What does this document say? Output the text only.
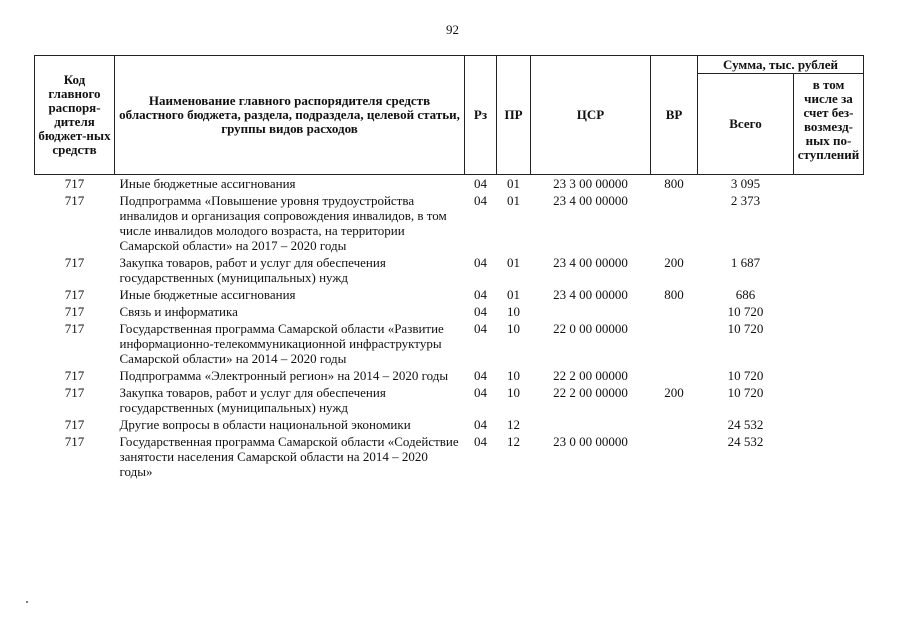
92
Код главного распоря-дителя бюджет-ных средств	Наименование главного распорядителя средств областного бюджета, раздела, подраздела, целевой статьи, группы видов расходов	Рз	ПР	ЦСР	ВР	Сумма, тыс. рублей	
						Всего	в том числе за счет без-возмезд-ных по-ступлений
717	Иные бюджетные ассигнования	04	01	23 3 00 00000	800	3 095	
717	Подпрограмма «Повышение уровня трудоустройства инвалидов и организация сопровождения инвалидов, в том числе инвалидов молодого возраста, на территории Самарской области» на 2017 – 2020 годы	04	01	23 4 00 00000		2 373	
717	Закупка товаров, работ и услуг для обеспечения государственных (муниципальных) нужд	04	01	23 4 00 00000	200	1 687	
717	Иные бюджетные ассигнования	04	01	23 4 00 00000	800	686	
717	Связь и информатика	04	10			10 720	
717	Государственная программа Самарской области «Развитие информационно-телекоммуникационной инфраструктуры Самарской области» на 2014 – 2020 годы	04	10	22 0 00 00000		10 720	
717	Подпрограмма «Электронный регион» на 2014 – 2020 годы	04	10	22 2 00 00000		10 720	
717	Закупка товаров, работ и услуг для обеспечения государственных (муниципальных) нужд	04	10	22 2 00 00000	200	10 720	
717	Другие вопросы в области национальной экономики	04	12			24 532	
717	Государственная программа Самарской области «Содействие занятости населения Самарской области на 2014 – 2020 годы»	04	12	23 0 00 00000		24 532	
